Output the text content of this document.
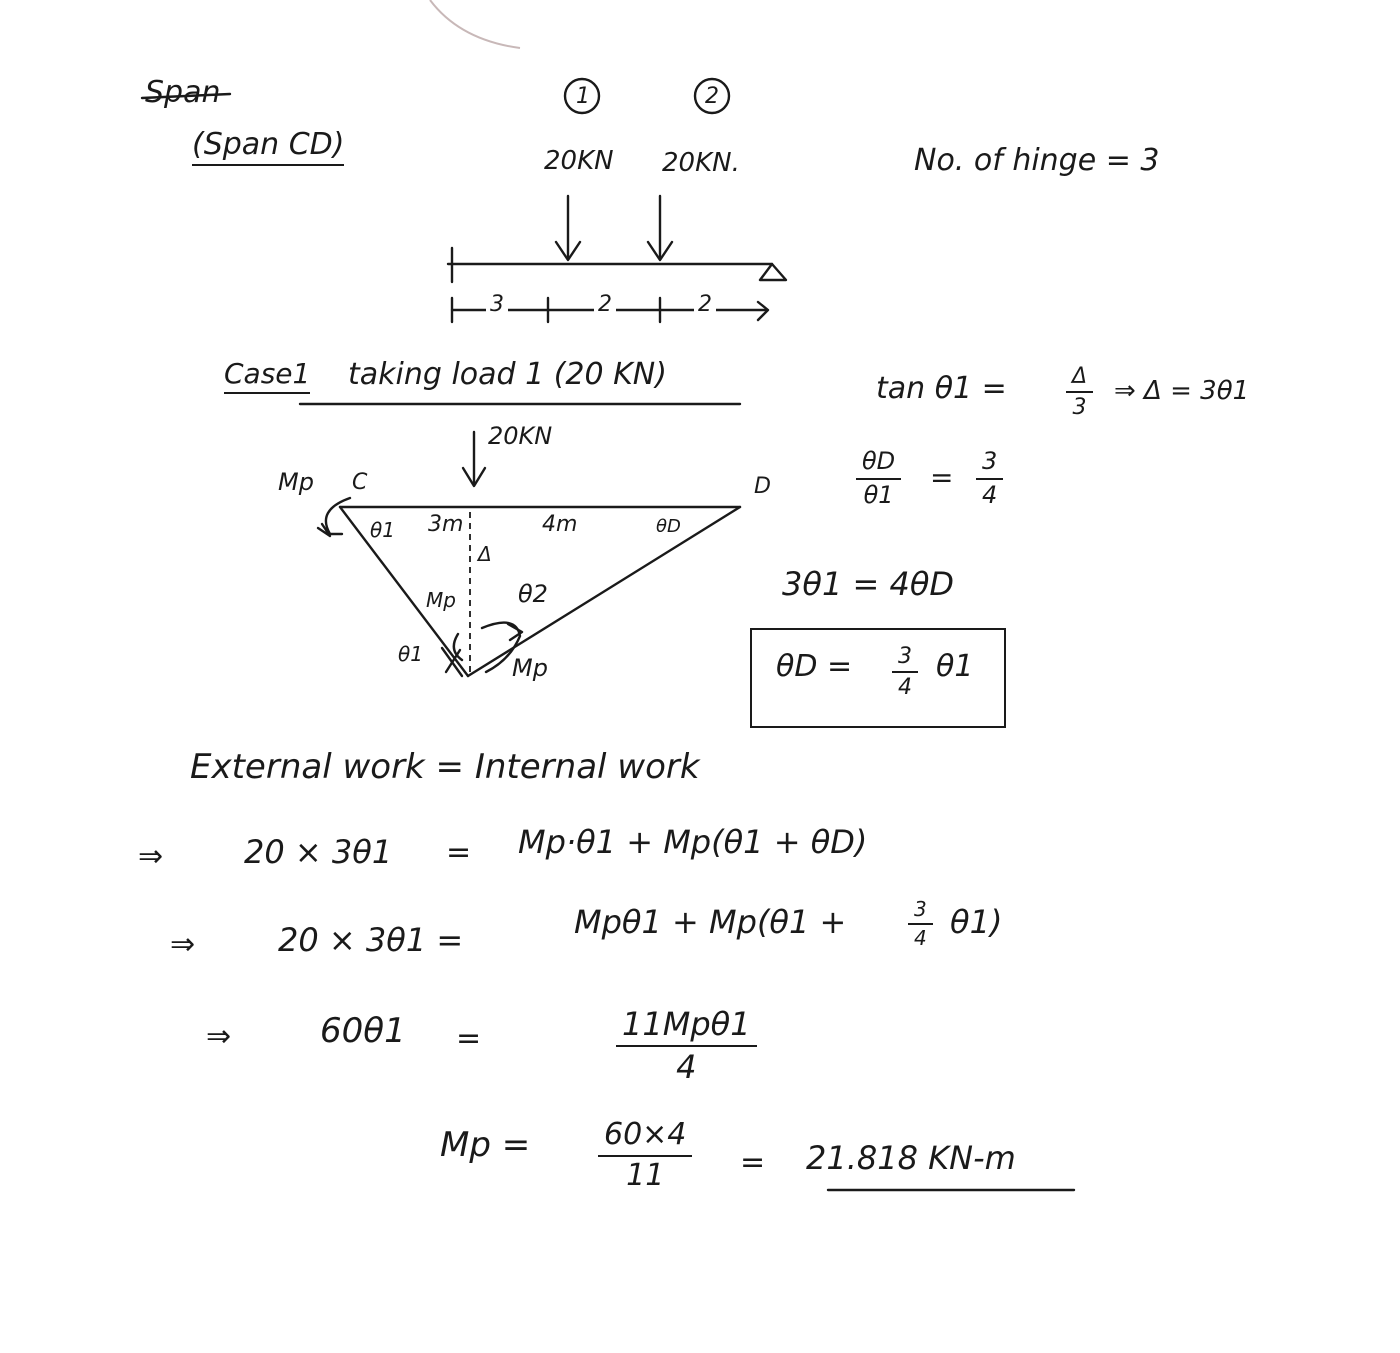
Span
(Span CD)
1	2
20KN 20KN.	No. of hinge = 3
3	2	2
Case1 taking load 1 (20 KN)
20KN
Mp C	D
θ1 3m	4m	θD
Δ
Mp	θ2
θ1	Mp
tan θ1 =	$\frac{\Delta}{3}$ ⇒ Δ = 3θ1
$\frac{\theta D}{\theta 1} = \frac{3}{4}$
3θ1 = 4θD
$\theta D = \frac{3}{4} \theta 1$
External work = Internal work
⇒	20 × 3θ1 = Mp·θ1 + Mp(θ1 + θD)
⇒	20 × 3θ1 =	Mpθ1 + Mp(θ1 +	$\frac{3}{4} \theta 1$)
⇒	60θ1 =	11Mpθ1
4
$Mp = \frac{60\times 4}{11} = 21.818$ KN-m
